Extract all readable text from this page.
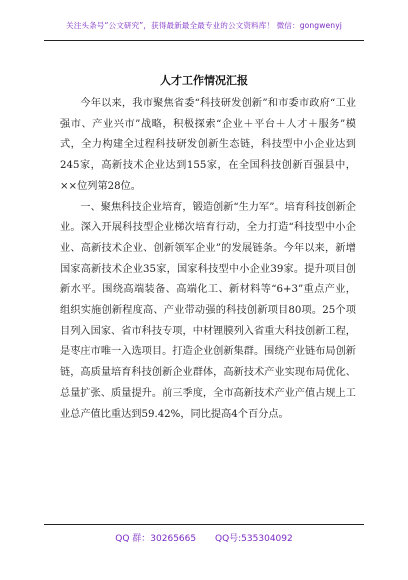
关注头条号“公文研究”，获得最新最全最专业的公文资料库！ 微信：gongwenyj
人才工作情况汇报

今年以来，我市聚焦省委“科技研发创新”和市委市政府“工业强市、产业兴市”战略，积极探索“企业＋平台＋人才＋服务”模式，全力构建全过程科技研发创新生态链，科技型中小企业达到245家，高新技术企业达到155家，在全国科技创新百强县中，××位列第28位。

一、聚焦科技企业培育，锻造创新“生力军”。培育科技创新企业。深入开展科技型企业梯次培育行动，全力打造“科技型中小企业、高新技术企业、创新领军企业”的发展链条。今年以来，新增国家高新技术企业35家，国家科技型中小企业39家。提升项目创新水平。围绕高端装备、高端化工、新材料等“6+3”重点产业，组织实施创新程度高、产业带动强的科技创新项目80项。25个项目列入国家、省市科技专项，中材锂膜列入省重大科技创新工程，是枣庄市唯一入选项目。打造企业创新集群。围绕产业链布局创新链，高质量培育科技创新企业群体，高新技术产业实现布局优化、总量扩张、质量提升。前三季度，全市高新技术产业产值占规上工业总产值比重达到59.42%，同比提高4个百分点。

QQ 群：30265665 QQ号:535304092
